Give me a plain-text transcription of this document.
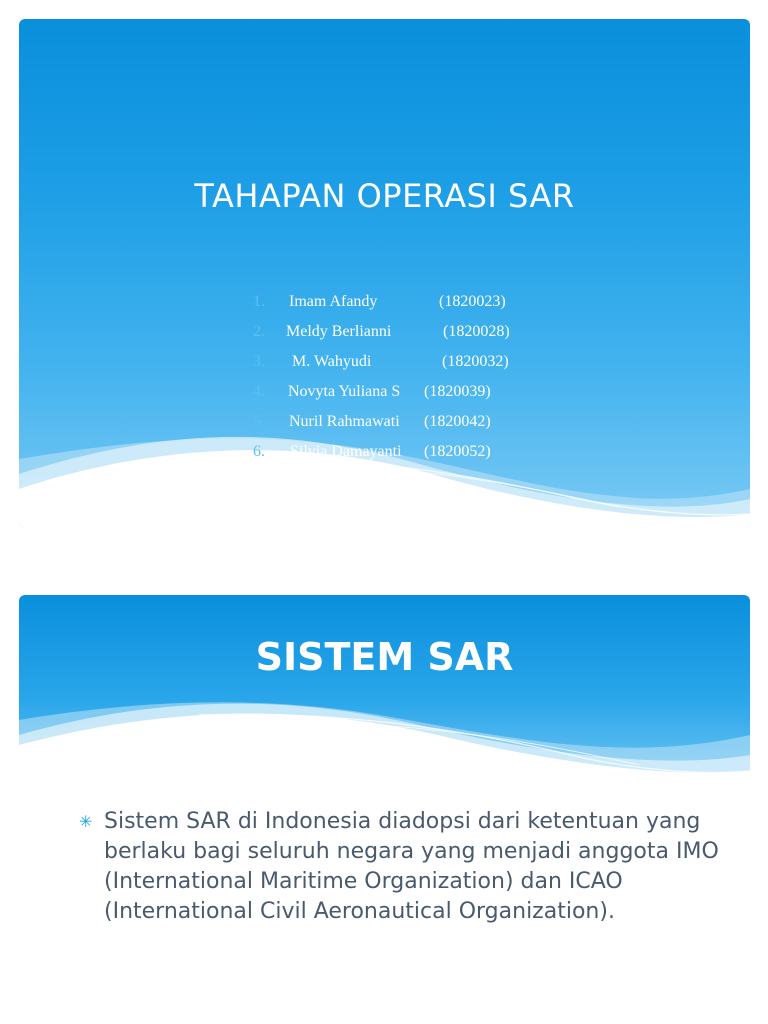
TAHAPAN OPERASI SAR
1. Imam Afandy	(1820023)
2. Meldy Berlianni	(1820028)
3. M. Wahyudi	(1820032)
4. Novyta Yuliana S (1820039)
5. Nuril Rahmawati (1820042)
6. Silvia Damayanti (1820052)
SISTEM SAR
✳ Sistem SAR di Indonesia diadopsi dari ketentuan yang berlaku bagi seluruh negara yang menjadi anggota IMO (International Maritime Organization) dan ICAO (International Civil Aeronautical Organization).
